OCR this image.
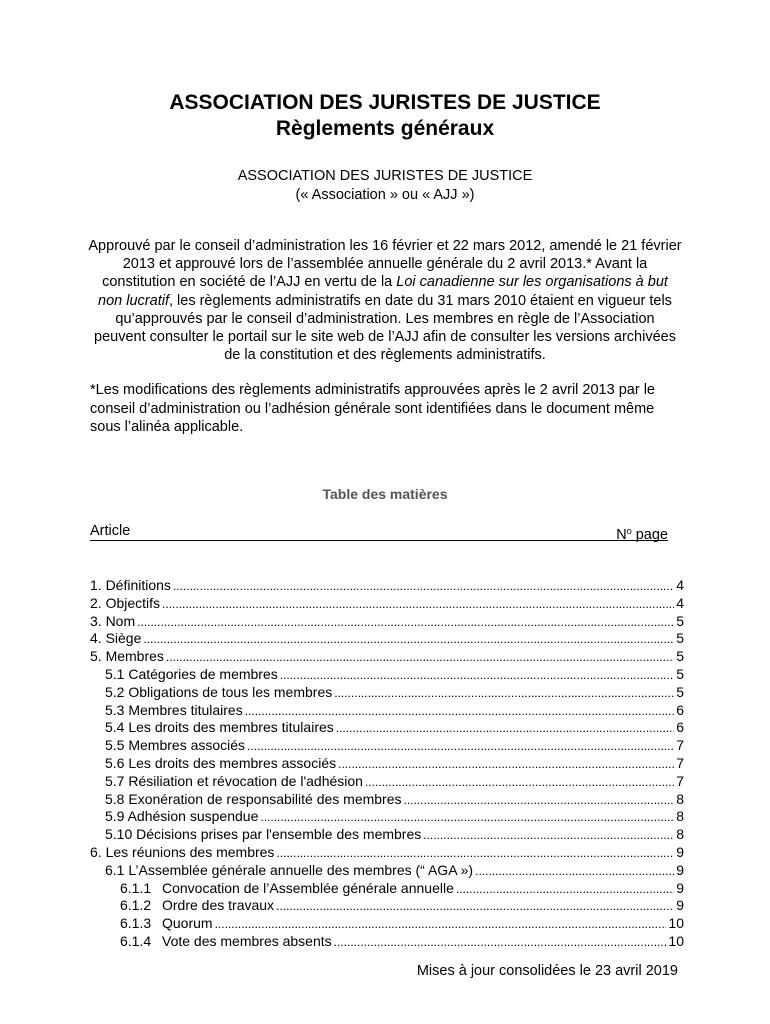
ASSOCIATION DES JURISTES DE JUSTICE
Règlements généraux
ASSOCIATION DES JURISTES DE JUSTICE
(« Association » ou « AJJ »)
Approuvé par le conseil d’administration les 16 février et 22 mars 2012, amendé le 21 février 2013 et approuvé lors de l’assemblée annuelle générale du 2 avril 2013.* Avant la constitution en société de l’AJJ en vertu de la Loi canadienne sur les organisations à but non lucratif, les règlements administratifs en date du 31 mars 2010 étaient en vigueur tels qu’approuvés par le conseil d’administration. Les membres en règle de l’Association peuvent consulter le portail sur le site web de l’AJJ afin de consulter les versions archivées de la constitution et des règlements administratifs.
*Les modifications des règlements administratifs approuvées après le 2 avril 2013 par le conseil d’administration ou l’adhésion générale sont identifiées dans le document même sous l’alinéa applicable.
Table des matières
Article	$N^o$ page
1. Définitions .....	4
2. Objectifs .....	4
3. Nom .....	5
4. Siège .....	5
5. Membres .....	5
5.1 Catégories de membres .....	5
5.2 Obligations de tous les membres .....	5
5.3 Membres titulaires .....	6
5.4 Les droits des membres titulaires .....	6
5.5 Membres associés .....	7
5.6 Les droits des membres associés .....	7
5.7 Résiliation et révocation de l'adhésion .....	7
5.8 Exonération de responsabilité des membres .....	8
5.9 Adhésion suspendue .....	8
5.10 Décisions prises par l'ensemble des membres .....	8
6. Les réunions des membres .....	9
6.1 L’Assemblée générale annuelle des membres (“ AGA ») .....	9
6.1.1 Convocation de l’Assemblée générale annuelle .....	9
6.1.2 Ordre des travaux .....	9
6.1.3 Quorum .....	10
6.1.4 Vote des membres absents .....	10
Mises à jour consolidées le 23 avril 2019
